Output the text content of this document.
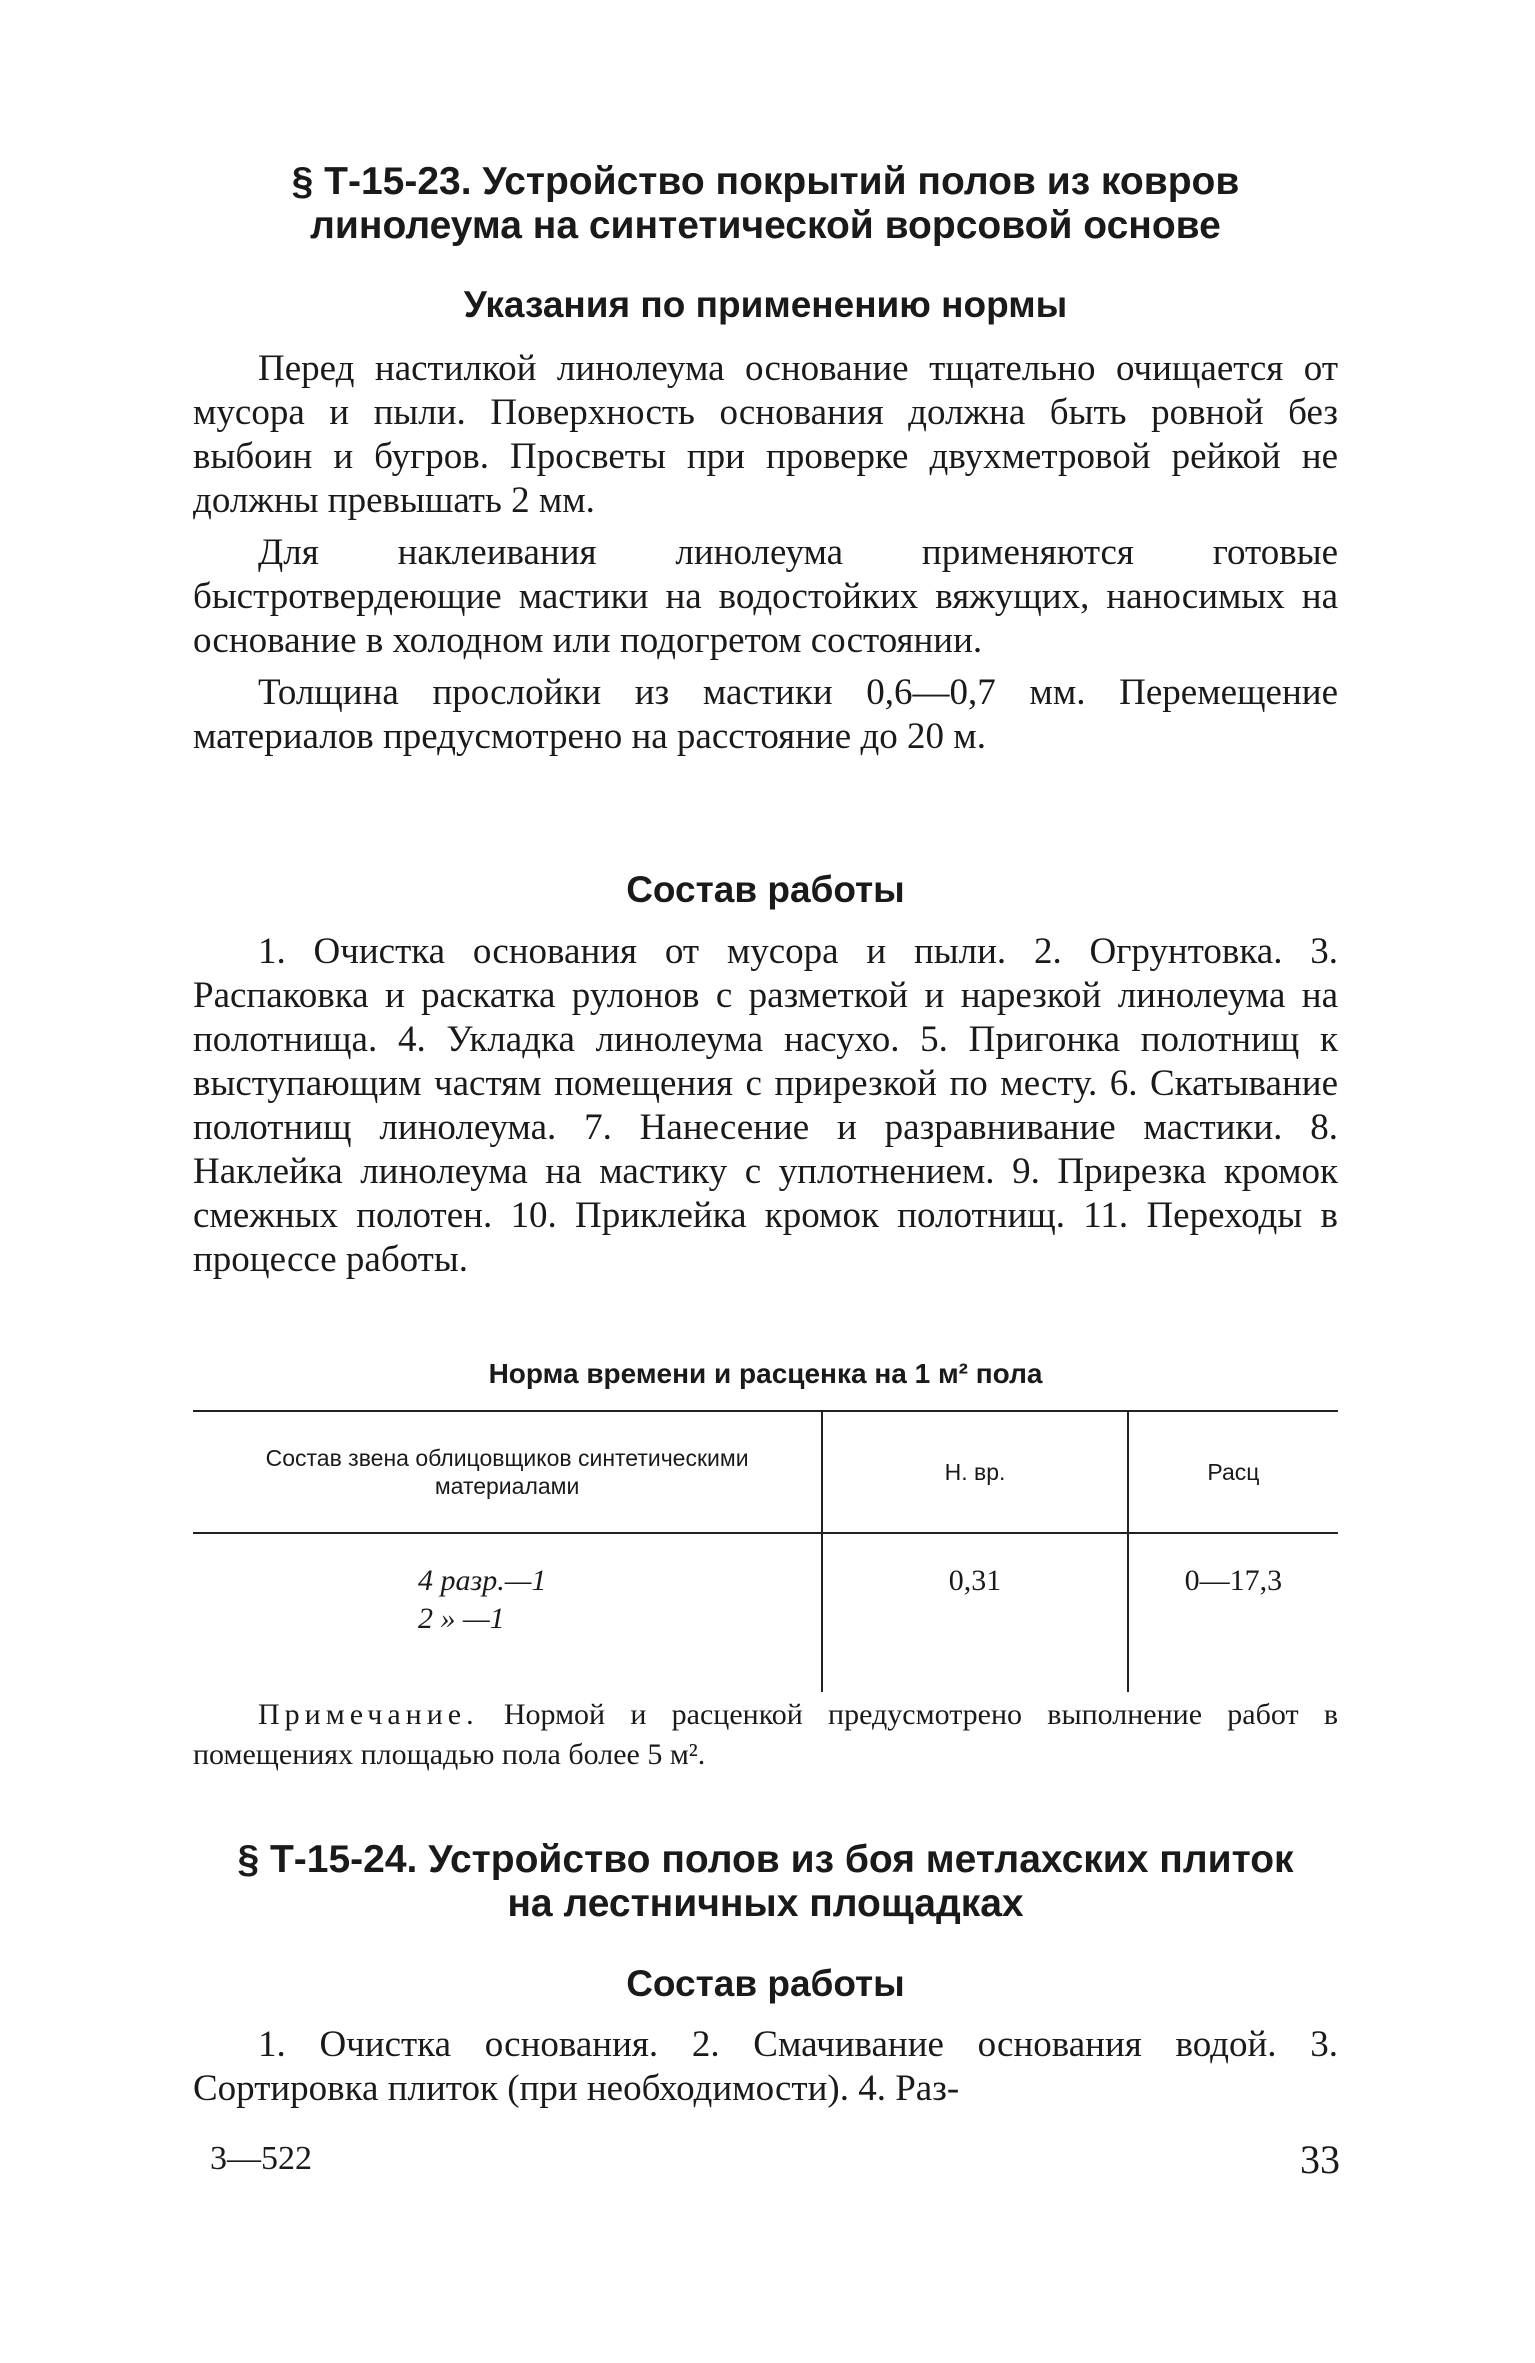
§ Т-15-23. Устройство покрытий полов из ковров
линолеума на синтетической ворсовой основе
Указания по применению нормы

Перед настилкой линолеума основание тщательно очищается от мусора и пыли. Поверхность основания должна быть ровной без выбоин и бугров. Просветы при проверке двухметровой рейкой не должны превышать 2 мм.

Для наклеивания линолеума применяются готовые быстротвердеющие мастики на водостойких вяжущих, наносимых на основание в холодном или подогретом состоянии.

Толщина прослойки из мастики 0,6—0,7 мм. Перемещение материалов предусмотрено на расстояние до 20 м.

Состав работы

1. Очистка основания от мусора и пыли. 2. Огрунтовка. 3. Распаковка и раскатка рулонов с разметкой и нарезкой линолеума на полотнища. 4. Укладка линолеума насухо. 5. Пригонка полотнищ к выступающим частям помещения с прирезкой по месту. 6. Скатывание полотнищ линолеума. 7. Нанесение и разравнивание мастики. 8. Наклейка линолеума на мастику с уплотнением. 9. Прирезка кромок смежных полотен. 10. Приклейка кромок полотнищ. 11. Переходы в процессе работы.

Норма времени и расценка на 1 м² пола
Состав звена облицовщиков синтетическими материалами	Н. вр.	Расц

4 разр.—1
2 » —1	0,31	0—17,3
Примечание. Нормой и расценкой предусмотрено выполнение работ в помещениях площадью пола более 5 м².
§ Т-15-24. Устройство полов из боя метлахских плиток
на лестничных площадках
Состав работы

1. Очистка основания. 2. Смачивание основания водой. 3. Сортировка плиток (при необходимости). 4. Раз-

3—522	33
